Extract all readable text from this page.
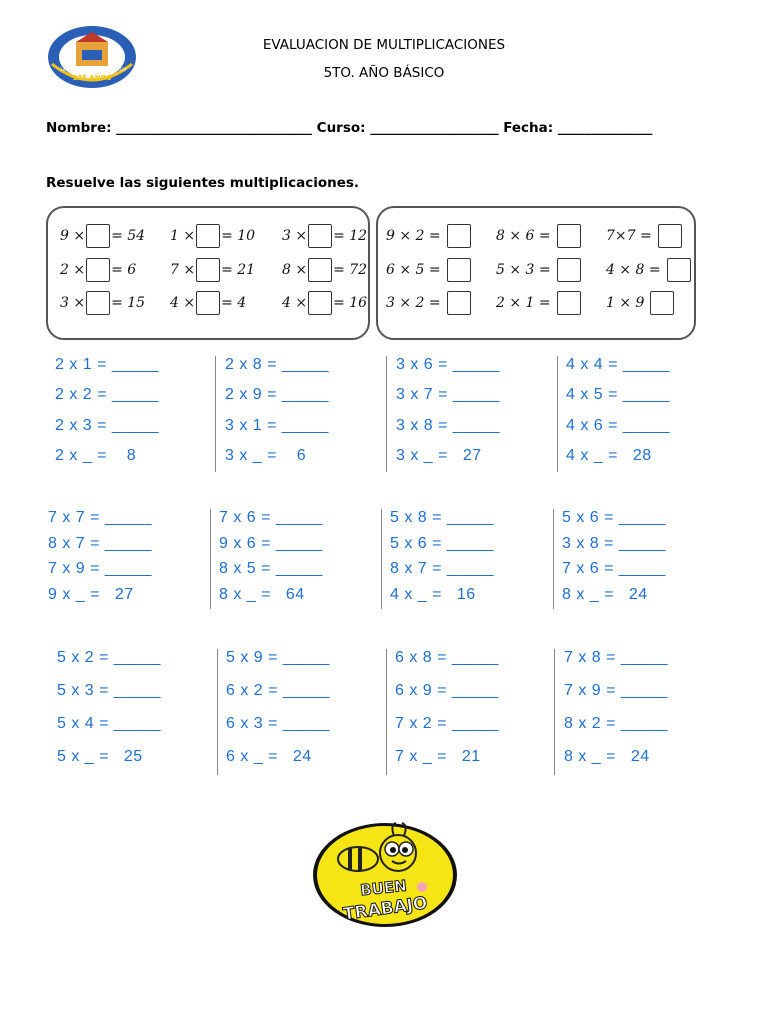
125 AÑOS
1895	2020
EVALUACION DE MULTIPLICACIONES
5TO. AÑO BÁSICO
Nombre: _____________________________ Curso: ___________________ Fecha: ______________
Resuelve las siguientes multiplicaciones.
9 × = 54 1 × = 10 3 × = 12
2 × = 6 7 × = 21 8 × = 72
3 × = 15 4 × = 4	4 × = 16
9 × 2 =	8 × 6 =	7×7 =
6 × 5 =	5 × 3 =	4 × 8 =
3 × 2 =	2 × 1 =	1 × 9
2 x 1 = _____
2 x 2 = _____
2 x 3 = _____
2 x _ =    8
2 x 8 = _____
2 x 9 = _____
3 x 1 = _____
3 x _ =    6
3 x 6 = _____
3 x 7 = _____
3 x 8 = _____
3 x _ =   27
4 x 4 = _____
4 x 5 = _____
4 x 6 = _____
4 x _ =   28
7 x 7 = _____
8 x 7 = _____
7 x 9 = _____
9 x _ =   27
7 x 6 = _____
9 x 6 = _____
8 x 5 = _____
8 x _ =   64
5 x 8 = _____
5 x 6 = _____
8 x 7 = _____
4 x _ =   16
5 x 6 = _____
3 x 8 = _____
7 x 6 = _____
8 x _ =   24
5 x 2 = _____
5 x 3 = _____
5 x 4 = _____
5 x _ =   25
5 x 9 = _____
6 x 2 = _____
6 x 3 = _____
6 x _ =   24
6 x 8 = _____
6 x 9 = _____
7 x 2 = _____
7 x _ =   21
7 x 8 = _____
7 x 9 = _____
8 x 2 = _____
8 x _ =   24
BUEN
TRABAJO
